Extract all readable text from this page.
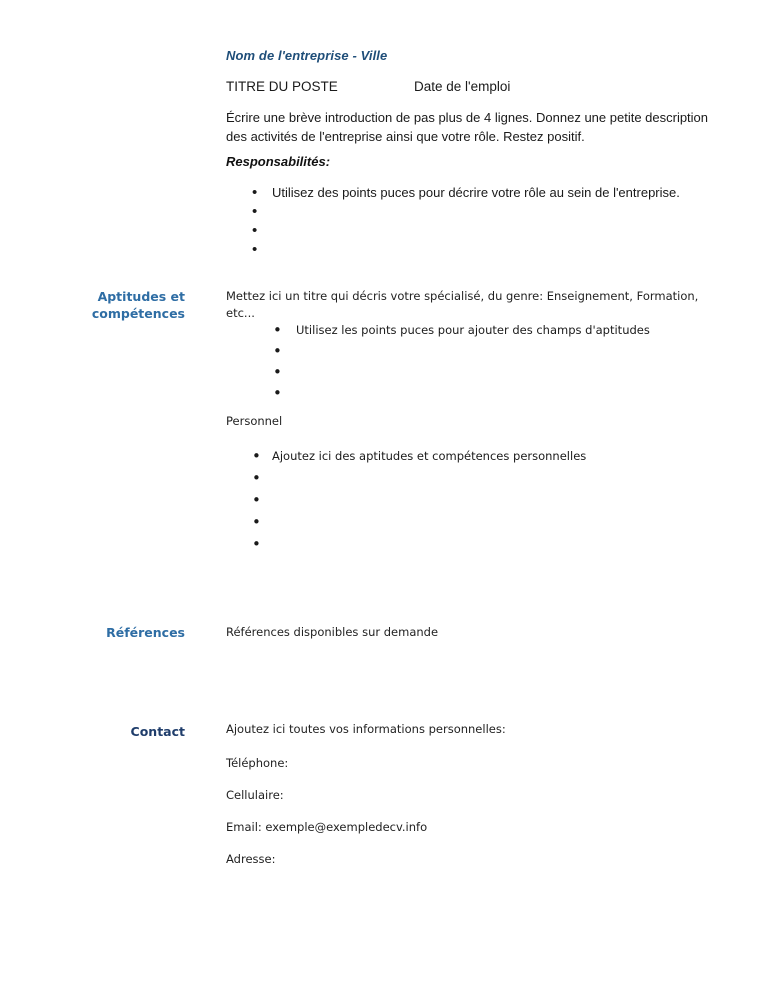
Nom de l'entreprise - Ville
TITRE DU POSTE	Date de l'emploi
Écrire une brève introduction de pas plus de 4 lignes. Donnez une petite description des activités de l'entreprise ainsi que votre rôle. Restez positif.
Responsabilités:
• Utilisez des points puces pour décrire votre rôle au sein de l'entreprise.
•
•
•
Aptitudes et
compétences
Mettez ici un titre qui décris votre spécialisé, du genre: Enseignement, Formation, etc...
• Utilisez les points puces pour ajouter des champs d'aptitudes
•
•
•
Personnel
• Ajoutez ici des aptitudes et compétences personnelles
•
•
•
•
Références	Références disponibles sur demande
Contact	Ajoutez ici toutes vos informations personnelles:
Téléphone:
Cellulaire:
Email: exemple@exempledecv.info
Adresse:
